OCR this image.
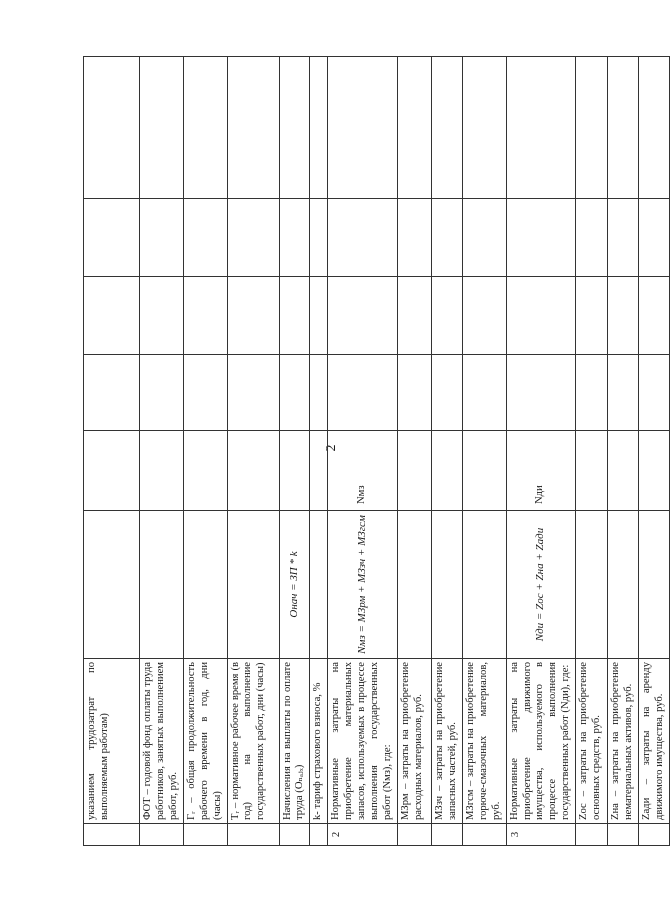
2
	указанием трудозатрат по выполняемым работам)						
	ФОТ – годовой фонд оплаты труда работников, занятых выполнением работ, руб.						
	Гᵣ – общая продолжительность рабочего времени в год, дни (часы)						
	Тᵣ – нормативное рабочее время (в год) на выполнение государственных работ, дни (часы)						
	Начисления на выплаты по оплате труда (Оₙₐⱼₓ)	Oнач = ЗП * k					
	k- тариф страхового взноса, %						
2	Нормативные затраты на приобретение материальных запасов, используемых в процессе выполнения государственных работ (Nмз), где:	Nмз = МЗрм + МЗзч + МЗгсм	Nмз				
	МЗрм – затраты на приобретение расходных материалов, руб.						
	МЗзч – затраты на приобретение запасных частей, руб.						
	МЗгсм – затраты на приобретение горюче-смазочных материалов, руб.						
3	Нормативные затраты на приобретение движимого имущества, используемого в процессе выполнения государственных работ (Nди), где:	Nди = Zос + Zна + Zади	Nди				
	Zос – затраты на приобретение основных средств, руб.						
	Zна – затраты на приобретение нематериальных активов, руб.						
	Zади – затраты на аренду движимого имущества, руб.						
